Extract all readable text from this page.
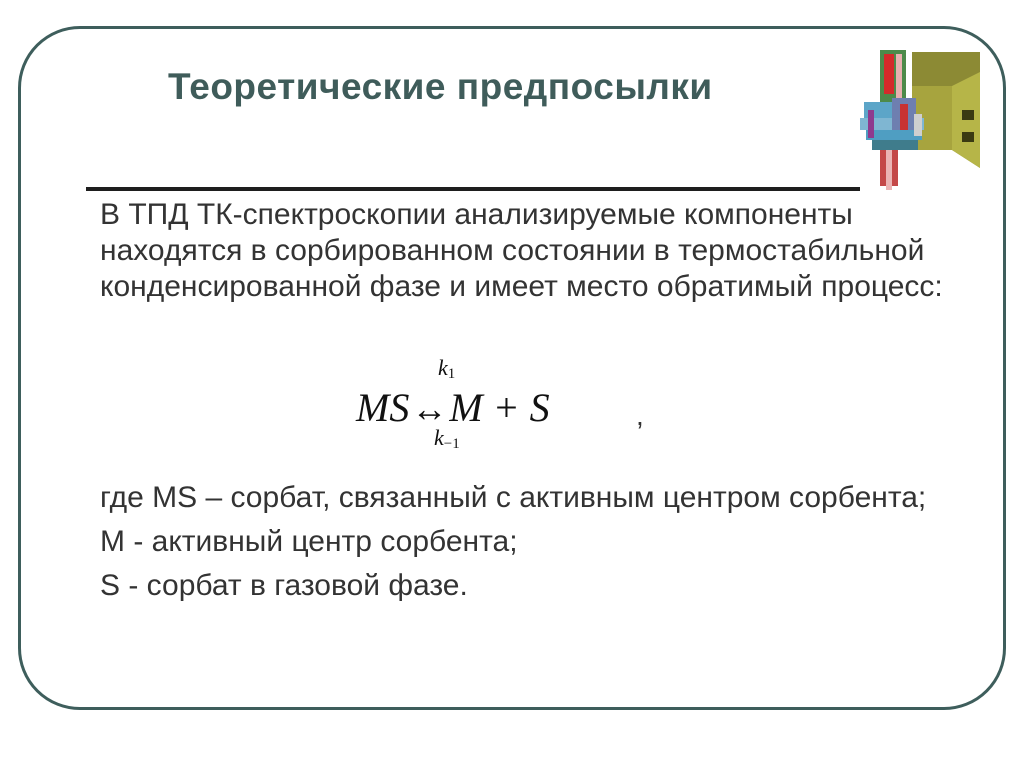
Теоретические предпосылки

В ТПД ТК-спектроскопии анализируемые компоненты находятся в сорбированном состоянии в термостабильной конденсированной фазе и имеет место обратимый процесс:

$k_1$
MS↔M + S
$k_{-1}$
,

где MS – сорбат, связанный с активным центром сорбента;

M - активный центр сорбента;

S - сорбат в газовой фазе.
